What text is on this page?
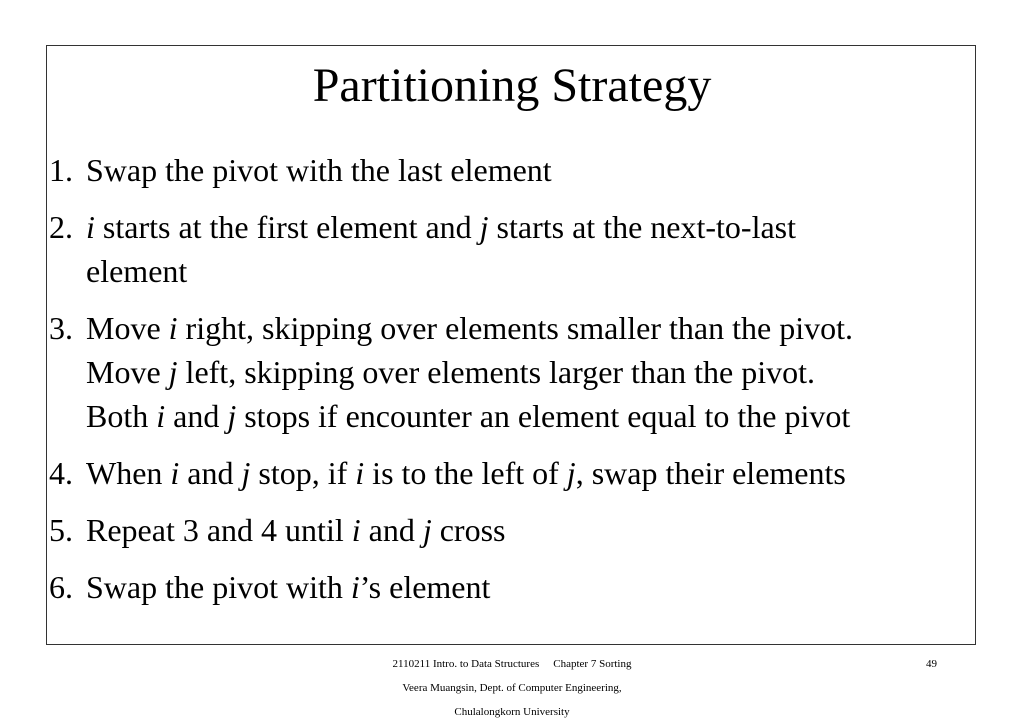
Partitioning Strategy
1. Swap the pivot with the last element
2. i starts at the first element and j starts at the next-to-last
element
3. Move i right, skipping over elements smaller than the pivot.
Move j left, skipping over elements larger than the pivot.
Both i and j stops if encounter an element equal to the pivot
4. When i and j stop, if i is to the left of j, swap their elements
5. Repeat 3 and 4 until i and j cross
6. Swap the pivot with i’s element
2110211 Intro. to Data Structures Chapter 7 Sorting
Veera Muangsin, Dept. of Computer Engineering,
Chulalongkorn University
49
